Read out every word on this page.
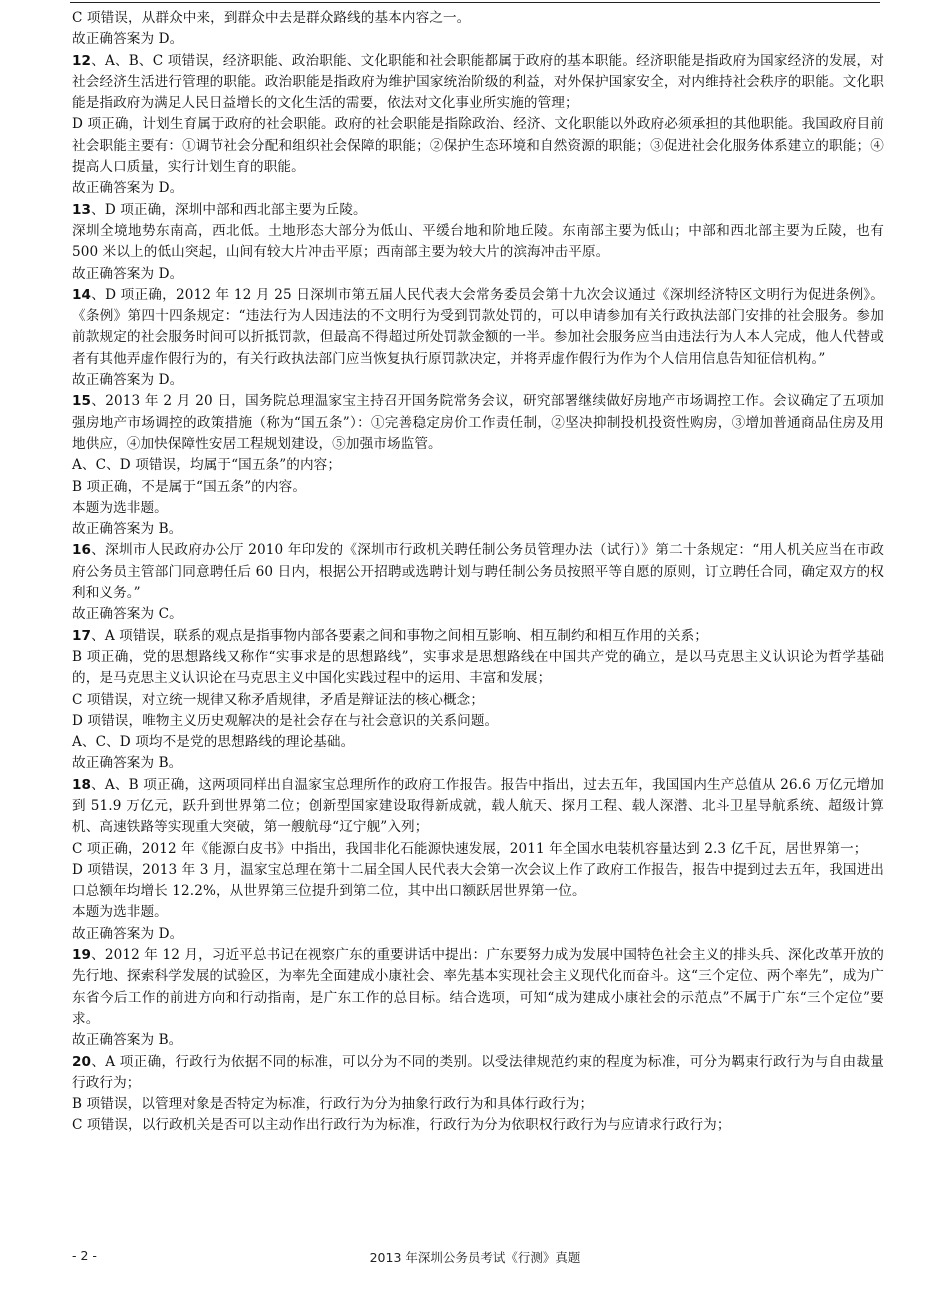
C 项错误，从群众中来，到群众中去是群众路线的基本内容之一。

故正确答案为 D。

12、A、B、C 项错误，经济职能、政治职能、文化职能和社会职能都属于政府的基本职能。经济职能是指政府为国家经济的发展，对社会经济生活进行管理的职能。政治职能是指政府为维护国家统治阶级的利益，对外保护国家安全，对内维持社会秩序的职能。文化职能是指政府为满足人民日益增长的文化生活的需要，依法对文化事业所实施的管理；

D 项正确，计划生育属于政府的社会职能。政府的社会职能是指除政治、经济、文化职能以外政府必须承担的其他职能。我国政府目前社会职能主要有：①调节社会分配和组织社会保障的职能；②保护生态环境和自然资源的职能；③促进社会化服务体系建立的职能；④提高人口质量，实行计划生育的职能。

故正确答案为 D。

13、D 项正确，深圳中部和西北部主要为丘陵。

深圳全境地势东南高，西北低。土地形态大部分为低山、平缓台地和阶地丘陵。东南部主要为低山；中部和西北部主要为丘陵，也有 500 米以上的低山突起，山间有较大片冲击平原；西南部主要为较大片的滨海冲击平原。

故正确答案为 D。

14、D 项正确，2012 年 12 月 25 日深圳市第五届人民代表大会常务委员会第十九次会议通过《深圳经济特区文明行为促进条例》。《条例》第四十四条规定：“违法行为人因违法的不文明行为受到罚款处罚的，可以申请参加有关行政执法部门安排的社会服务。参加前款规定的社会服务时间可以折抵罚款，但最高不得超过所处罚款金额的一半。参加社会服务应当由违法行为人本人完成，他人代替或者有其他弄虚作假行为的，有关行政执法部门应当恢复执行原罚款决定，并将弄虚作假行为作为个人信用信息告知征信机构。”

故正确答案为 D。

15、2013 年 2 月 20 日，国务院总理温家宝主持召开国务院常务会议，研究部署继续做好房地产市场调控工作。会议确定了五项加强房地产市场调控的政策措施（称为“国五条”）：①完善稳定房价工作责任制，②坚决抑制投机投资性购房，③增加普通商品住房及用地供应，④加快保障性安居工程规划建设，⑤加强市场监管。

A、C、D 项错误，均属于“国五条”的内容；

B 项正确，不是属于“国五条”的内容。

本题为选非题。

故正确答案为 B。

16、深圳市人民政府办公厅 2010 年印发的《深圳市行政机关聘任制公务员管理办法（试行）》第二十条规定：“用人机关应当在市政府公务员主管部门同意聘任后 60 日内，根据公开招聘或选聘计划与聘任制公务员按照平等自愿的原则，订立聘任合同，确定双方的权利和义务。”

故正确答案为 C。

17、A 项错误，联系的观点是指事物内部各要素之间和事物之间相互影响、相互制约和相互作用的关系；

B 项正确，党的思想路线又称作“实事求是的思想路线”，实事求是思想路线在中国共产党的确立，是以马克思主义认识论为哲学基础的，是马克思主义认识论在马克思主义中国化实践过程中的运用、丰富和发展；

C 项错误，对立统一规律又称矛盾规律，矛盾是辩证法的核心概念；

D 项错误，唯物主义历史观解决的是社会存在与社会意识的关系问题。

A、C、D 项均不是党的思想路线的理论基础。

故正确答案为 B。

18、A、B 项正确，这两项同样出自温家宝总理所作的政府工作报告。报告中指出，过去五年，我国国内生产总值从 26.6 万亿元增加到 51.9 万亿元，跃升到世界第二位；创新型国家建设取得新成就，载人航天、探月工程、载人深潜、北斗卫星导航系统、超级计算机、高速铁路等实现重大突破，第一艘航母“辽宁舰”入列；

C 项正确，2012 年《能源白皮书》中指出，我国非化石能源快速发展，2011 年全国水电装机容量达到 2.3 亿千瓦，居世界第一；

D 项错误，2013 年 3 月，温家宝总理在第十二届全国人民代表大会第一次会议上作了政府工作报告，报告中提到过去五年，我国进出口总额年均增长 12.2%，从世界第三位提升到第二位，其中出口额跃居世界第一位。

本题为选非题。

故正确答案为 D。

19、2012 年 12 月，习近平总书记在视察广东的重要讲话中提出：广东要努力成为发展中国特色社会主义的排头兵、深化改革开放的先行地、探索科学发展的试验区，为率先全面建成小康社会、率先基本实现社会主义现代化而奋斗。这“三个定位、两个率先”，成为广东省今后工作的前进方向和行动指南，是广东工作的总目标。结合选项，可知“成为建成小康社会的示范点”不属于广东“三个定位”要求。

故正确答案为 B。

20、A 项正确，行政行为依据不同的标准，可以分为不同的类别。以受法律规范约束的程度为标准，可分为羁束行政行为与自由裁量行政行为；

B 项错误，以管理对象是否特定为标准，行政行为分为抽象行政行为和具体行政行为；

C 项错误，以行政机关是否可以主动作出行政行为为标准，行政行为分为依职权行政行为与应请求行政行为；

- 2 -	2013 年深圳公务员考试《行测》真题
